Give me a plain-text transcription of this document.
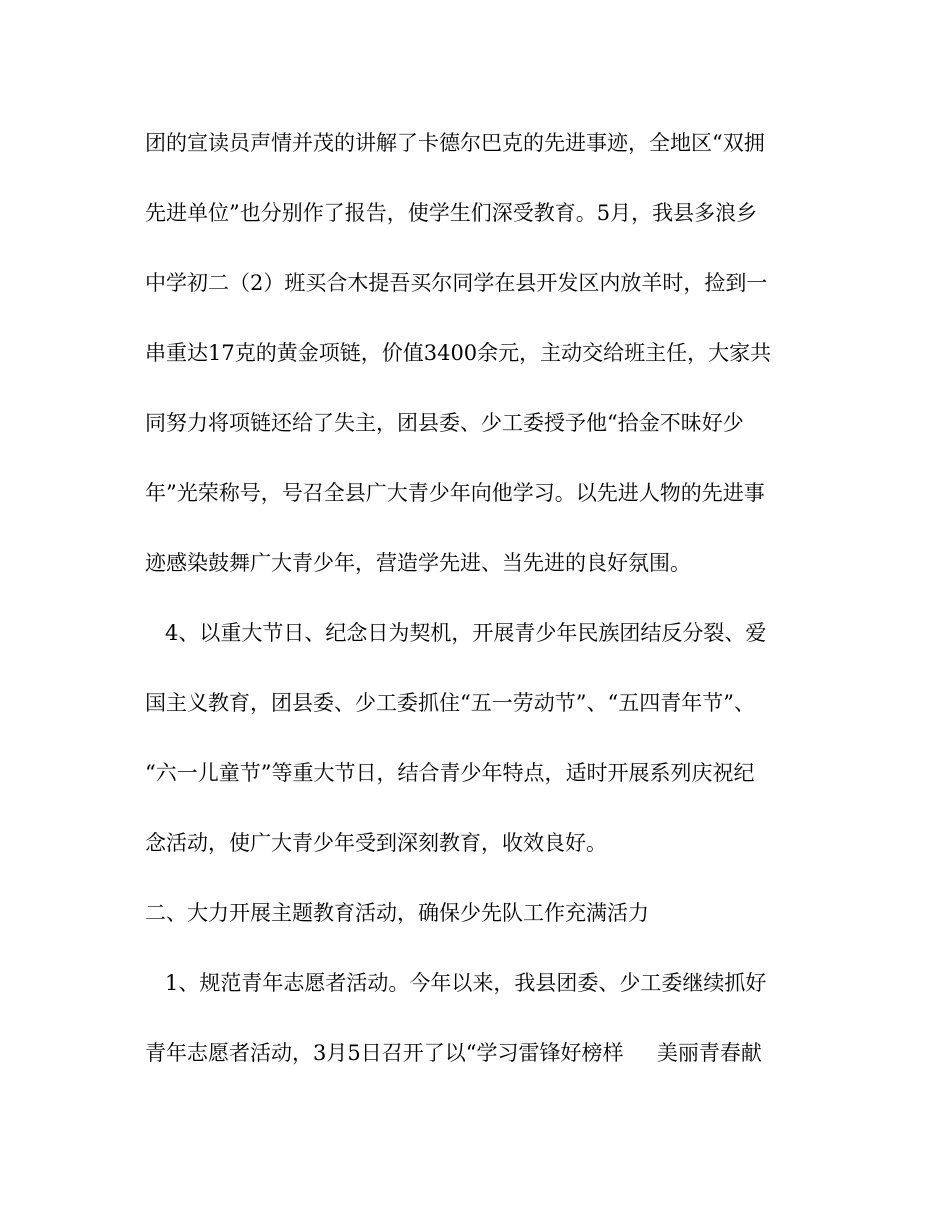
团的宣读员声情并茂的讲解了卡德尔巴克的先进事迹，全地区“双拥
先进单位”也分别作了报告，使学生们深受教育。5月，我县多浪乡
中学初二（2）班买合木提吾买尔同学在县开发区内放羊时，捡到一
串重达17克的黄金项链，价值3400余元，主动交给班主任，大家共
同努力将项链还给了失主，团县委、少工委授予他“拾金不昧好少
年”光荣称号，号召全县广大青少年向他学习。以先进人物的先进事
迹感染鼓舞广大青少年，营造学先进、当先进的良好氛围。
4、以重大节日、纪念日为契机，开展青少年民族团结反分裂、爱
国主义教育，团县委、少工委抓住“五一劳动节”、“五四青年节”、
“六一儿童节”等重大节日，结合青少年特点，适时开展系列庆祝纪
念活动，使广大青少年受到深刻教育，收效良好。
二、大力开展主题教育活动，确保少先队工作充满活力
1、规范青年志愿者活动。今年以来，我县团委、少工委继续抓好
青年志愿者活动，3月5日召开了以“学习雷锋好榜样     美丽青春献
